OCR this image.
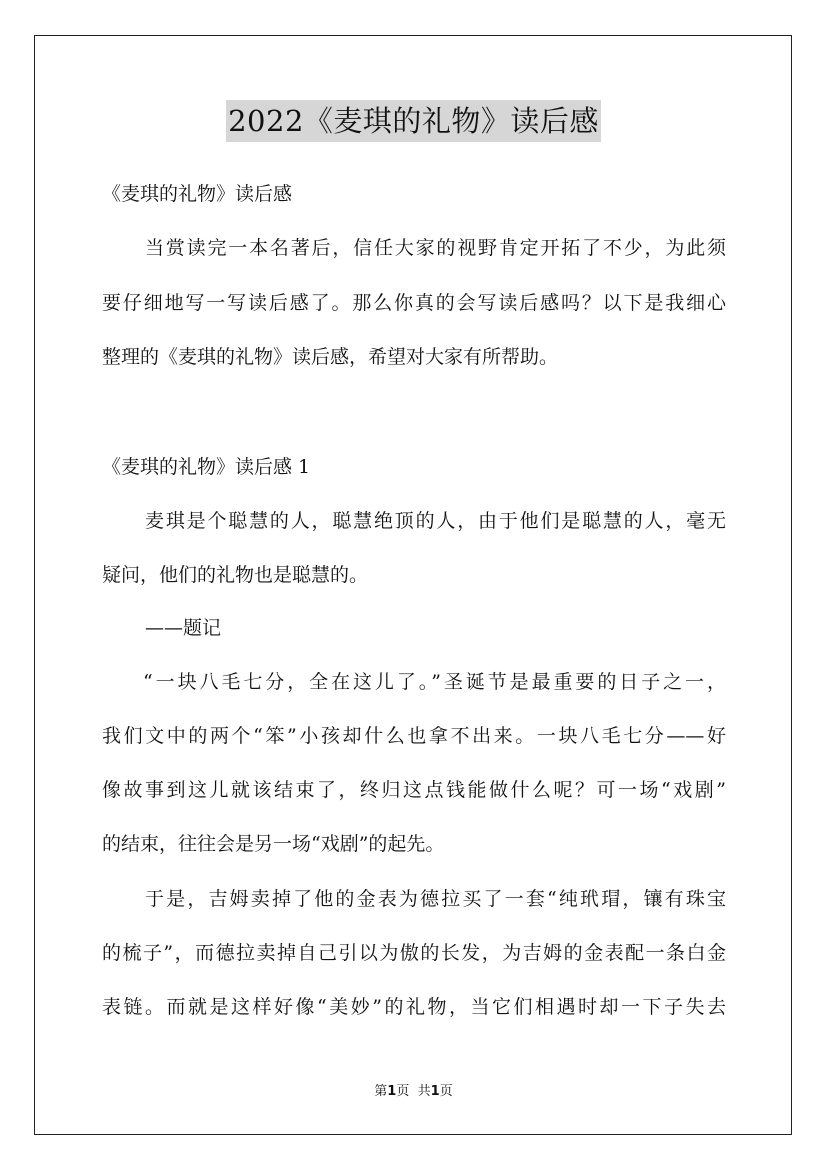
2022《麦琪的礼物》读后感
《麦琪的礼物》读后感
当赏读完一本名著后，信任大家的视野肯定开拓了不少，为此须
要仔细地写一写读后感了。那么你真的会写读后感吗？以下是我细心
整理的《麦琪的礼物》读后感，希望对大家有所帮助。
《麦琪的礼物》读后感 1
麦琪是个聪慧的人，聪慧绝顶的人，由于他们是聪慧的人，毫无
疑问，他们的礼物也是聪慧的。
——题记
“一块八毛七分，全在这儿了。”圣诞节是最重要的日子之一，
我们文中的两个“笨”小孩却什么也拿不出来。一块八毛七分——好
像故事到这儿就该结束了，终归这点钱能做什么呢？可一场“戏剧”
的结束，往往会是另一场“戏剧”的起先。
于是，吉姆卖掉了他的金表为德拉买了一套“纯玳瑁，镶有珠宝
的梳子”，而德拉卖掉自己引以为傲的长发，为吉姆的金表配一条白金
表链。而就是这样好像“美妙”的礼物，当它们相遇时却一下子失去
第1页 共1页
